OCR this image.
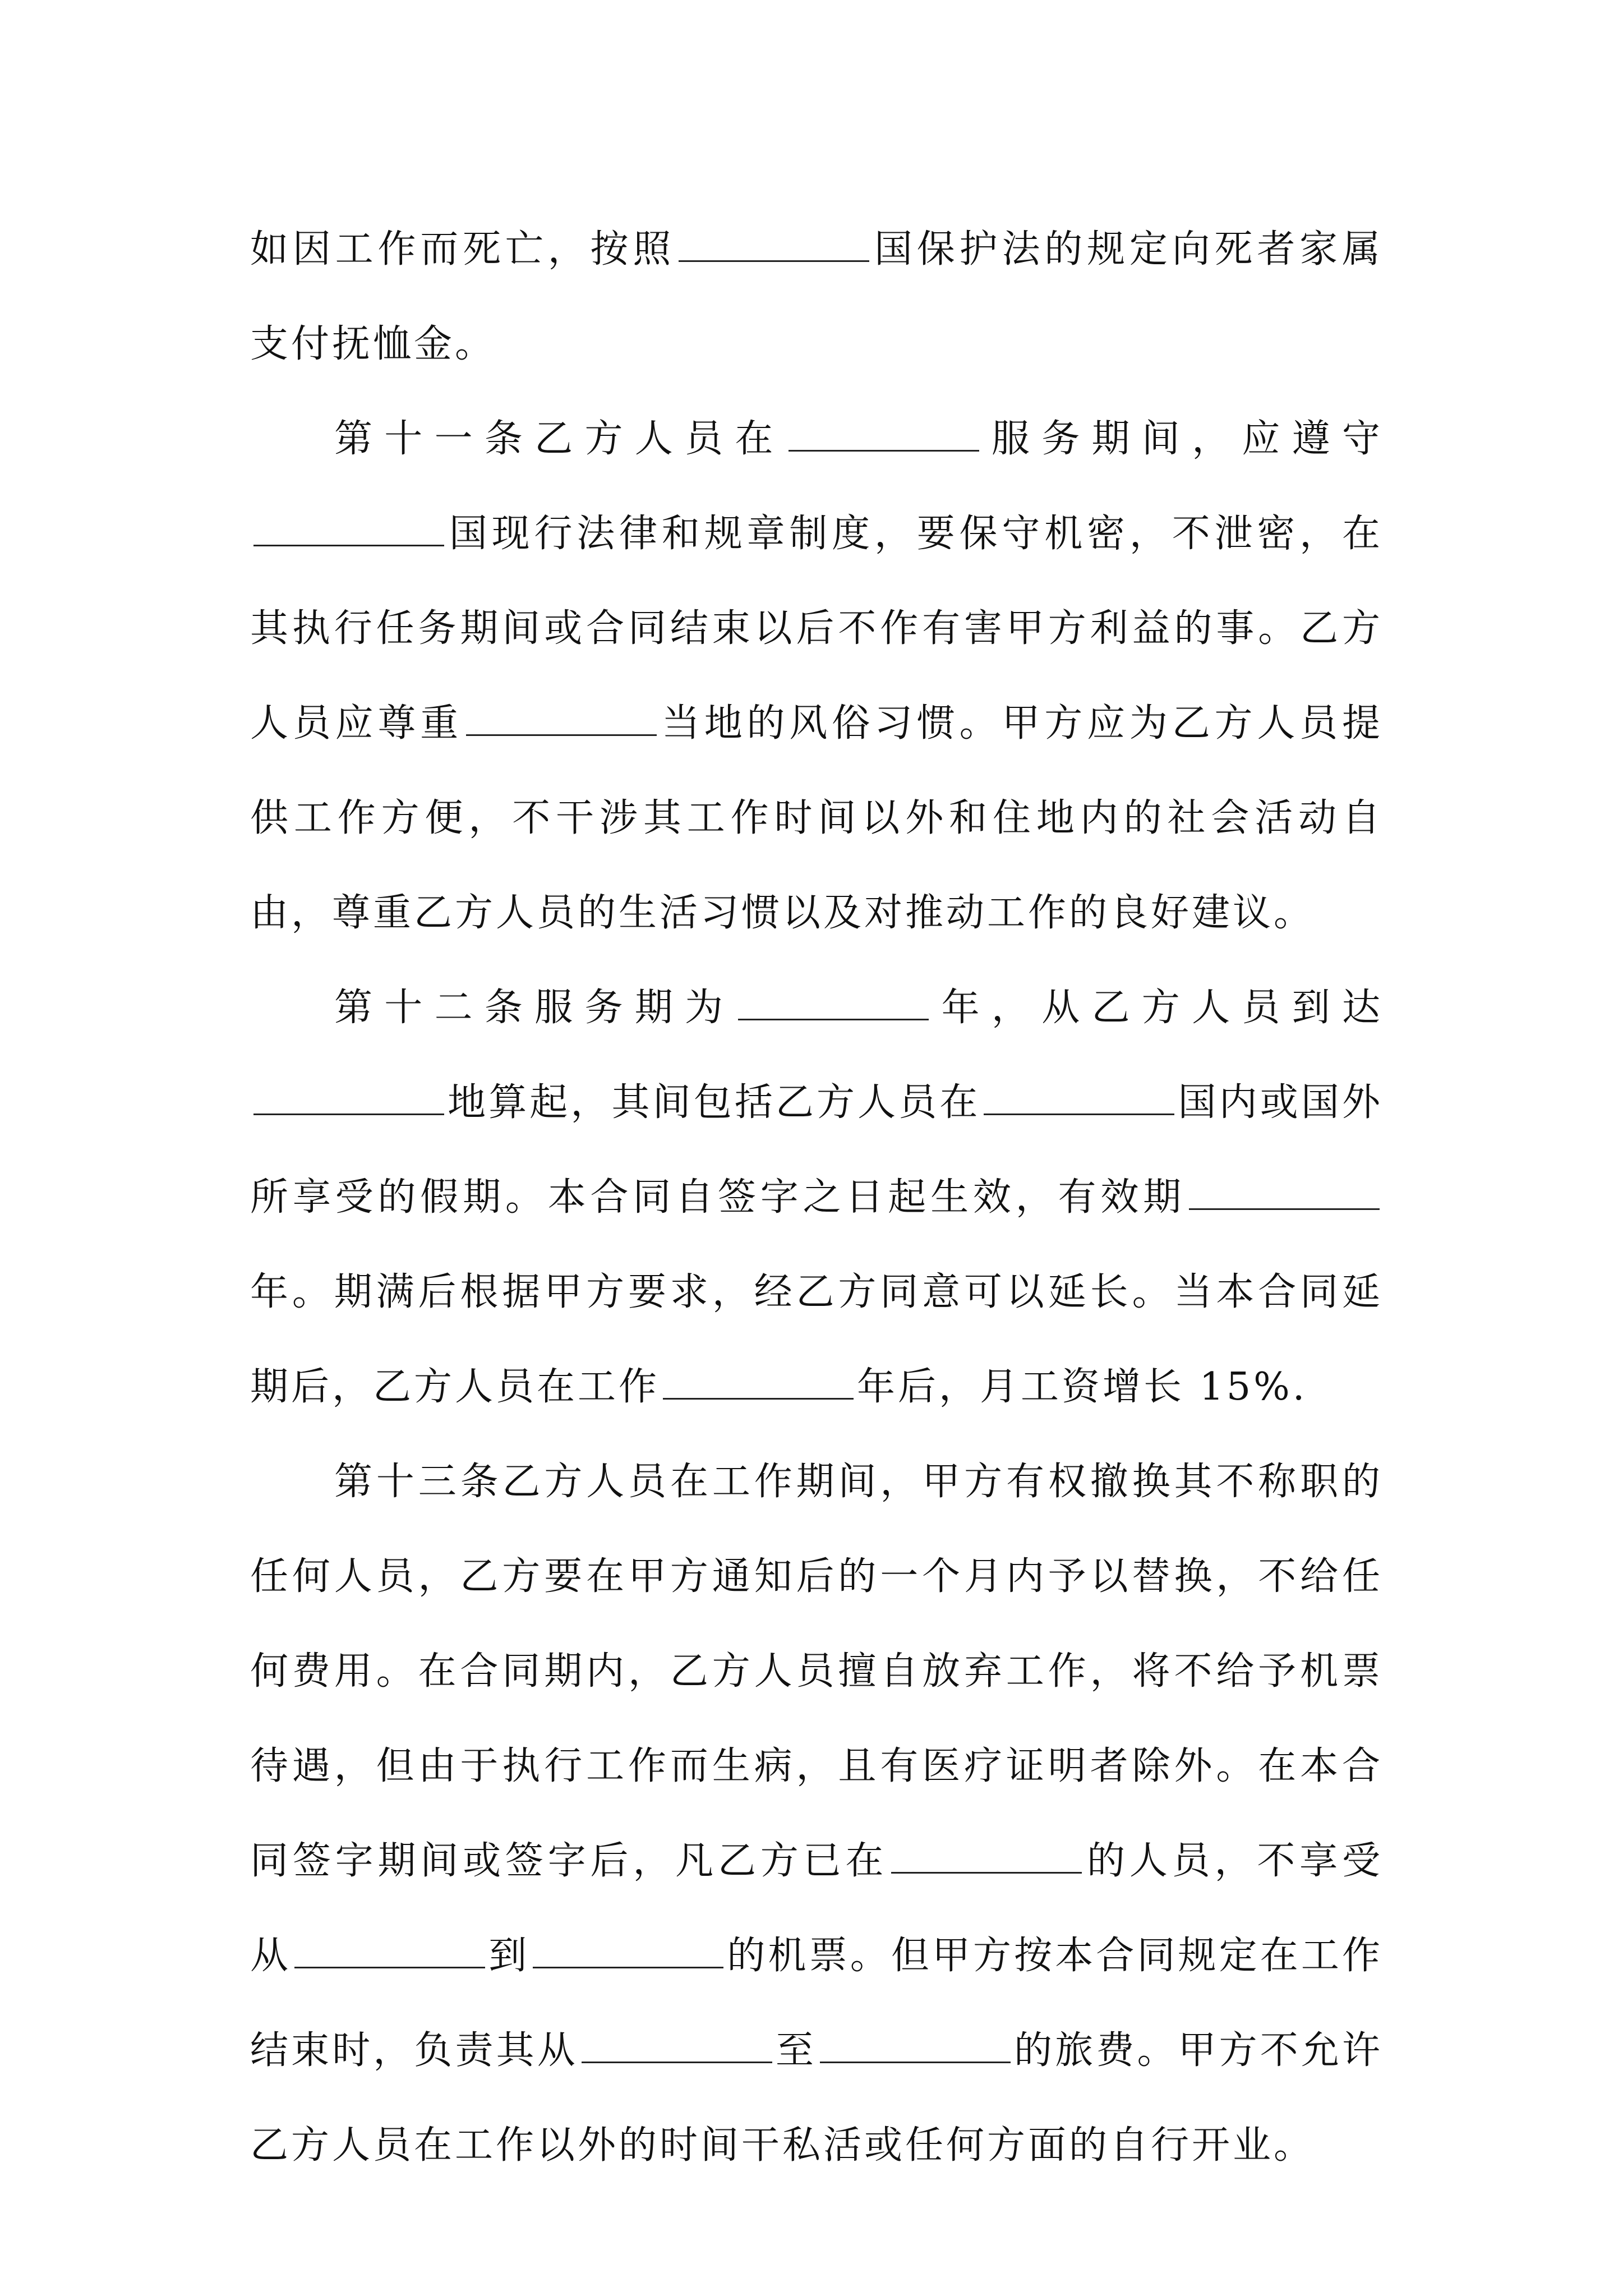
如因工作而死亡，按照	国保护法的规定向死者家属支付抚恤金。

第十一条乙方人员在	服务期间，应遵守国现行法律和规章制度，要保守机密，不泄密，在其执行任务期间或合同结束以后不作有害甲方利益的事。乙方人员应尊重	当地的风俗习惯。甲方应为乙方人员提供工作方便，不干涉其工作时间以外和住地内的社会活动自由，尊重乙方人员的生活习惯以及对推动工作的良好建议。

第十二条服务期为	年，从乙方人员到达地算起，其间包括乙方人员在	国内或国外所享受的假期。本合同自签字之日起生效，有效期年。期满后根据甲方要求，经乙方同意可以延长。当本合同延期后，乙方人员在工作	年后，月工资增长 15%.

第十三条乙方人员在工作期间，甲方有权撤换其不称职的任何人员，乙方要在甲方通知后的一个月内予以替换，不给任何费用。在合同期内，乙方人员擅自放弃工作，将不给予机票待遇，但由于执行工作而生病，且有医疗证明者除外。在本合同签字期间或签字后，凡乙方已在	的人员，不享受从	到	的机票。但甲方按本合同规定在工作结束时，负责其从	至	的旅费。甲方不允许乙方人员在工作以外的时间干私活或任何方面的自行开业。
